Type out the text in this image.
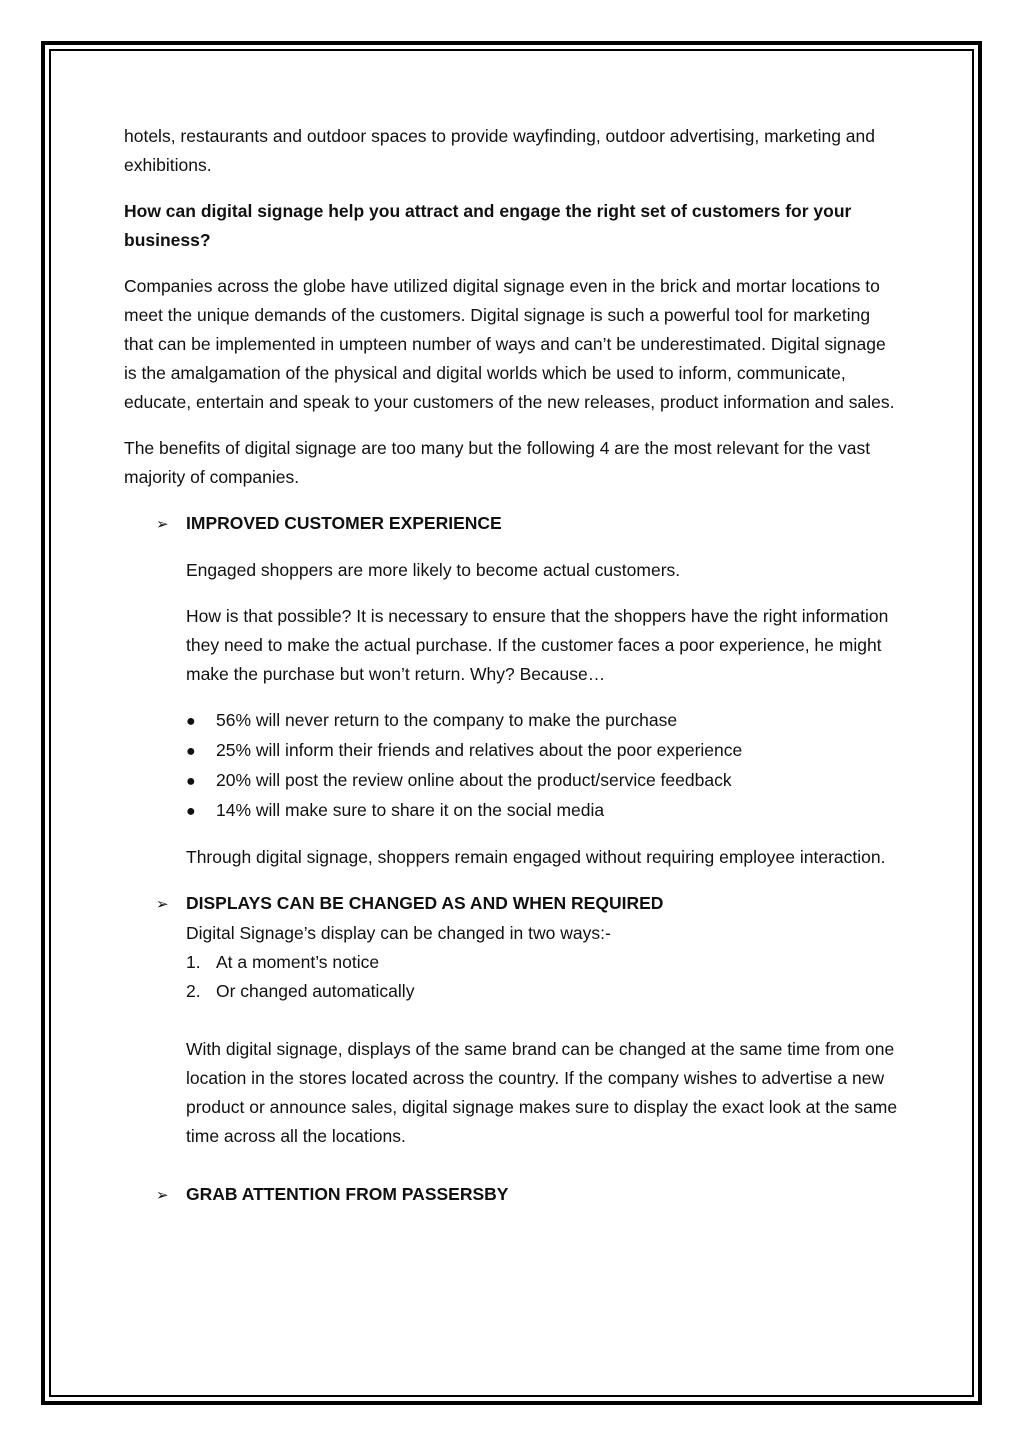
hotels, restaurants and outdoor spaces to provide wayfinding, outdoor advertising, marketing and exhibitions.

How can digital signage help you attract and engage the right set of customers for your business?

Companies across the globe have utilized digital signage even in the brick and mortar locations to meet the unique demands of the customers. Digital signage is such a powerful tool for marketing that can be implemented in umpteen number of ways and can’t be underestimated. Digital signage is the amalgamation of the physical and digital worlds which be used to inform, communicate, educate, entertain and speak to your customers of the new releases, product information and sales.

The benefits of digital signage are too many but the following 4 are the most relevant for the vast majority of companies.

➢ IMPROVED CUSTOMER EXPERIENCE

Engaged shoppers are more likely to become actual customers.

How is that possible? It is necessary to ensure that the shoppers have the right information they need to make the actual purchase. If the customer faces a poor experience, he might make the purchase but won’t return. Why? Because…

●	56% will never return to the company to make the purchase
●	25% will inform their friends and relatives about the poor experience
●	20% will post the review online about the product/service feedback
●	14% will make sure to share it on the social media

Through digital signage, shoppers remain engaged without requiring employee interaction.

➢ DISPLAYS CAN BE CHANGED AS AND WHEN REQUIRED

Digital Signage’s display can be changed in two ways:-

1. At a moment’s notice
2. Or changed automatically

With digital signage, displays of the same brand can be changed at the same time from one location in the stores located across the country. If the company wishes to advertise a new product or announce sales, digital signage makes sure to display the exact look at the same time across all the locations.

➢ GRAB ATTENTION FROM PASSERSBY
